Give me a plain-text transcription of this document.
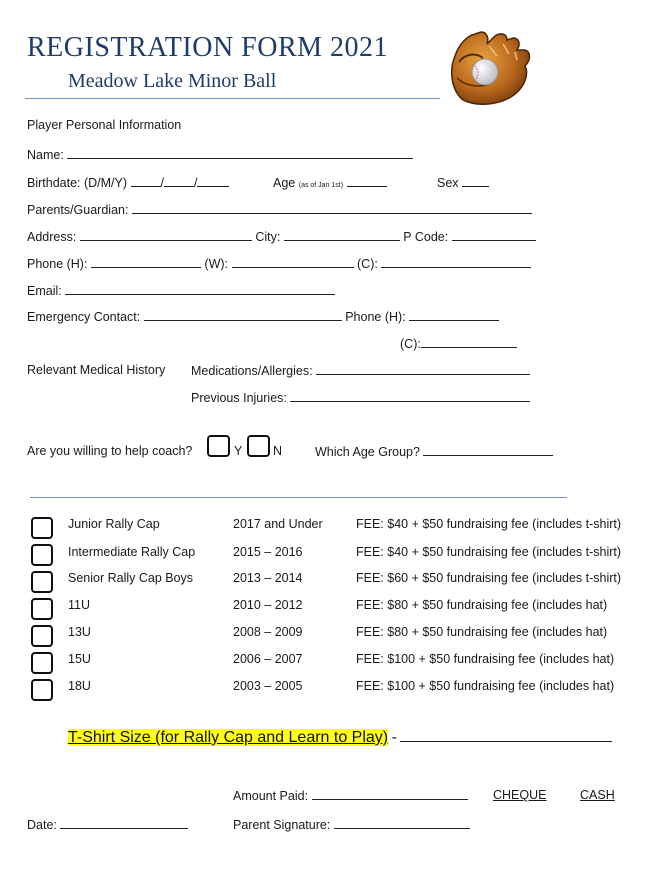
REGISTRATION FORM 2021
Meadow Lake Minor Ball
Player Personal Information
Name:
Birthdate: (D/M/Y)	/ /	Age (as of Jan 1st)	Sex
Parents/Guardian:
Address:	City:	P Code:
Phone (H):	(W):	(C):
Email:
Emergency Contact:	Phone (H):
(C):
Relevant Medical History Medications/Allergies:
Previous Injuries:
Are you willing to help coach?	Y N	Which Age Group?
Junior Rally Cap	2017 and Under	FEE: $40 + $50 fundraising fee (includes t-shirt)
Intermediate Rally Cap	2015 – 2016	FEE: $40 + $50 fundraising fee (includes t-shirt)
Senior Rally Cap Boys	2013 – 2014	FEE: $60 + $50 fundraising fee (includes t-shirt)
11U	2010 – 2012	FEE: $80 + $50 fundraising fee (includes hat)
13U	2008 – 2009	FEE: $80 + $50 fundraising fee (includes hat)
15U	2006 – 2007	FEE: $100 + $50 fundraising fee (includes hat)
18U	2003 – 2005	FEE: $100 + $50 fundraising fee (includes hat)
T-Shirt Size (for Rally Cap and Learn to Play) -
Amount Paid:	CHEQUE	CASH
Date:	Parent Signature:
